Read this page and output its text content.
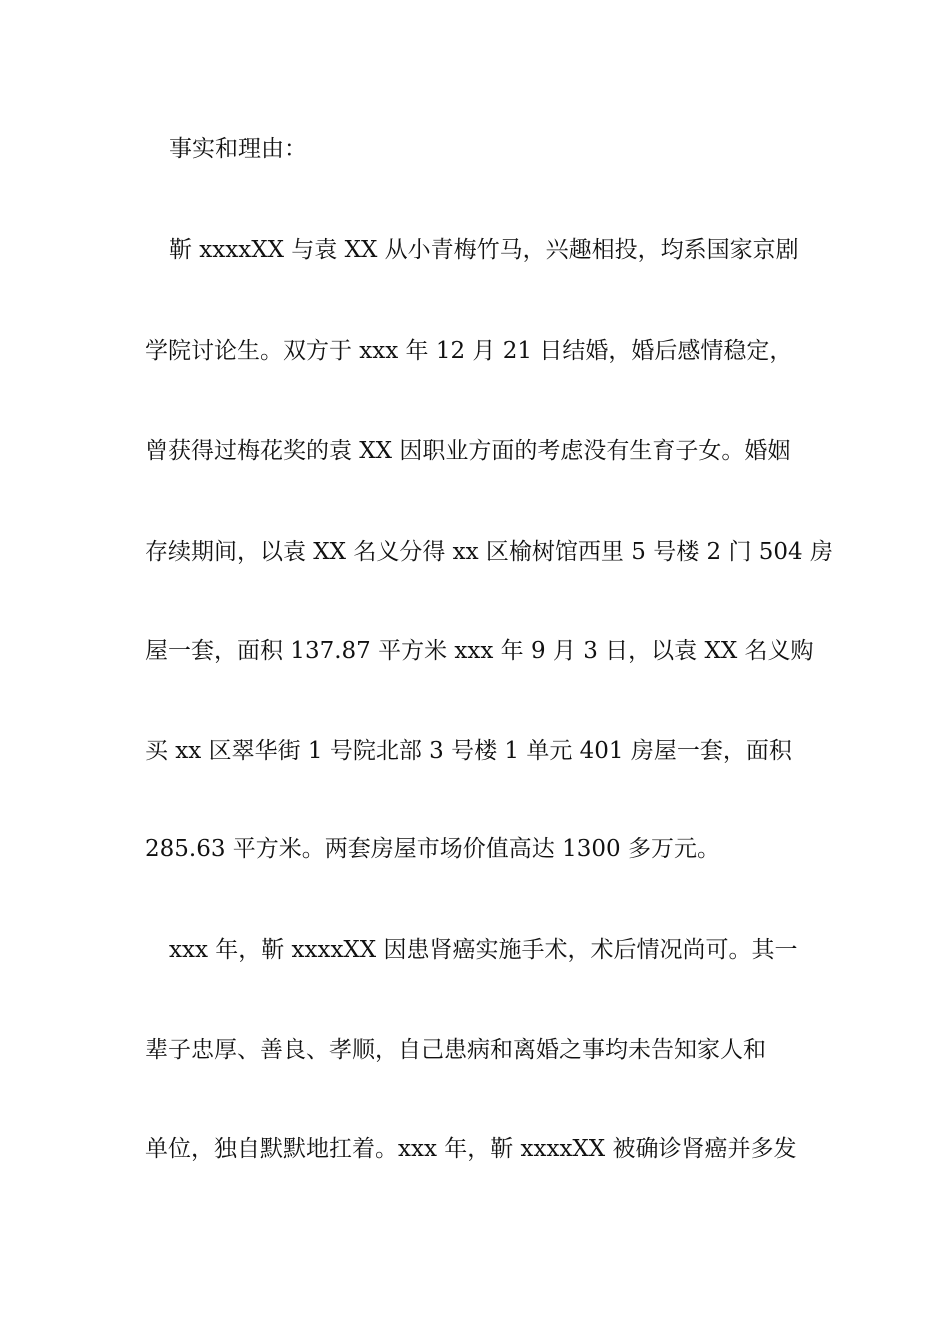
事实和理由：
靳 xxxxXX 与袁 XX 从小青梅竹马，兴趣相投，均系国家京剧
学院讨论生。双方于 xxx 年 12 月 21 日结婚，婚后感情稳定，
曾获得过梅花奖的袁 XX 因职业方面的考虑没有生育子女。婚姻
存续期间，以袁 XX 名义分得 xx 区榆树馆西里 5 号楼 2 门 504 房
屋一套，面积 137.87 平方米 xxx 年 9 月 3 日，以袁 XX 名义购
买 xx 区翠华街 1 号院北部 3 号楼 1 单元 401 房屋一套，面积
285.63 平方米。两套房屋市场价值高达 1300 多万元。
xxx 年，靳 xxxxXX 因患肾癌实施手术，术后情况尚可。其一
辈子忠厚、善良、孝顺，自己患病和离婚之事均未告知家人和
单位，独自默默地扛着。xxx 年，靳 xxxxXX 被确诊肾癌并多发
